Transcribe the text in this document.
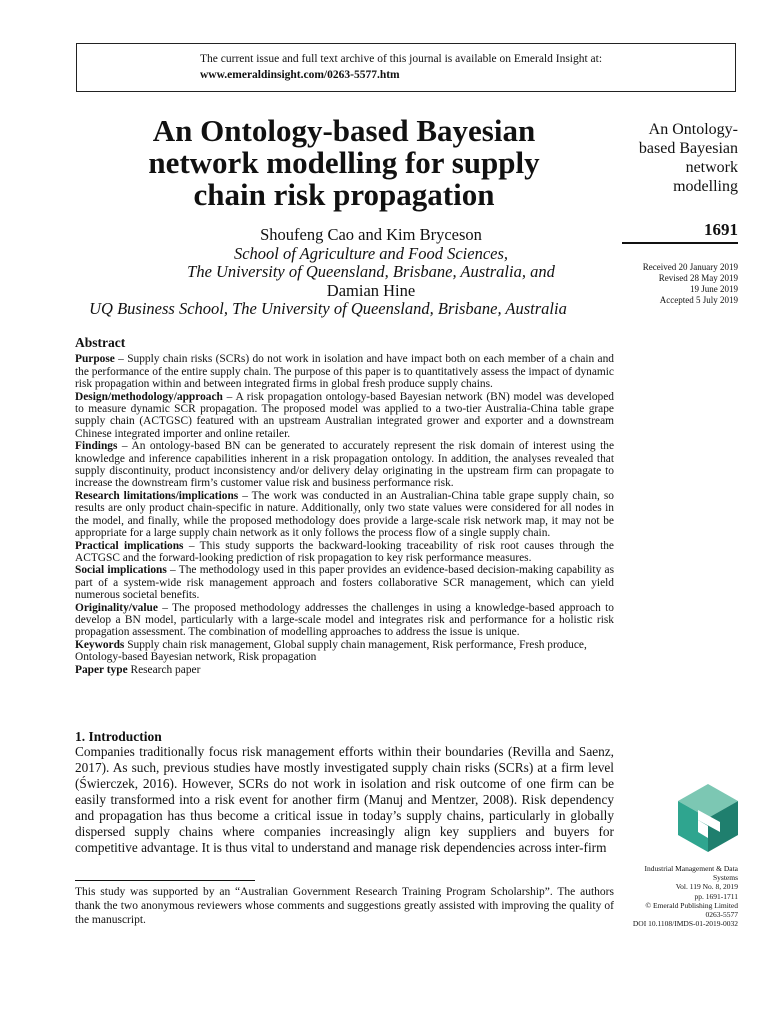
The current issue and full text archive of this journal is available on Emerald Insight at:
www.emeraldinsight.com/0263-5577.htm
An Ontology-based Bayesian
network modelling for supply
chain risk propagation
Shoufeng Cao and Kim Bryceson
School of Agriculture and Food Sciences,
The University of Queensland, Brisbane, Australia, and
Damian Hine
UQ Business School, The University of Queensland, Brisbane, Australia
An Ontology-
based Bayesian
network
modelling
1691
Received 20 January 2019
Revised 28 May 2019
19 June 2019
Accepted 5 July 2019
Abstract

Purpose – Supply chain risks (SCRs) do not work in isolation and have impact both on each member of a chain and the performance of the entire supply chain. The purpose of this paper is to quantitatively assess the impact of dynamic risk propagation within and between integrated firms in global fresh produce supply chains.

Design/methodology/approach – A risk propagation ontology-based Bayesian network (BN) model was developed to measure dynamic SCR propagation. The proposed model was applied to a two-tier Australia-China table grape supply chain (ACTGSC) featured with an upstream Australian integrated grower and exporter and a downstream Chinese integrated importer and online retailer.

Findings – An ontology-based BN can be generated to accurately represent the risk domain of interest using the knowledge and inference capabilities inherent in a risk propagation ontology. In addition, the analyses revealed that supply discontinuity, product inconsistency and/or delivery delay originating in the upstream firm can propagate to increase the downstream firm’s customer value risk and business performance risk.

Research limitations/implications – The work was conducted in an Australian-China table grape supply chain, so results are only product chain-specific in nature. Additionally, only two state values were considered for all nodes in the model, and finally, while the proposed methodology does provide a large-scale risk network map, it may not be appropriate for a large supply chain network as it only follows the process flow of a single supply chain.

Practical implications – This study supports the backward-looking traceability of risk root causes through the ACTGSC and the forward-looking prediction of risk propagation to key risk performance measures.

Social implications – The methodology used in this paper provides an evidence-based decision-making capability as part of a system-wide risk management approach and fosters collaborative SCR management, which can yield numerous societal benefits.

Originality/value – The proposed methodology addresses the challenges in using a knowledge-based approach to develop a BN model, particularly with a large-scale model and integrates risk and performance for a holistic risk propagation assessment. The combination of modelling approaches to address the issue is unique.

Keywords Supply chain risk management, Global supply chain management, Risk performance, Fresh produce, Ontology-based Bayesian network, Risk propagation

Paper type Research paper

1. Introduction
Companies traditionally focus risk management efforts within their boundaries (Revilla and Saenz, 2017). As such, previous studies have mostly investigated supply chain risks (SCRs) at a firm level (Świerczek, 2016). However, SCRs do not work in isolation and risk outcome of one firm can be easily transformed into a risk event for another firm (Manuj and Mentzer, 2008). Risk dependency and propagation has thus become a critical issue in today’s supply chains, particularly in globally dispersed supply chains where companies increasingly align key suppliers and buyers for competitive advantage. It is thus vital to understand and manage risk dependencies across inter-firm
This study was supported by an “Australian Government Research Training Program Scholarship”. The authors thank the two anonymous reviewers whose comments and suggestions greatly assisted with improving the quality of the manuscript.
Industrial Management & Data
Systems
Vol. 119 No. 8, 2019
pp. 1691-1711
© Emerald Publishing Limited
0263-5577
DOI 10.1108/IMDS-01-2019-0032
